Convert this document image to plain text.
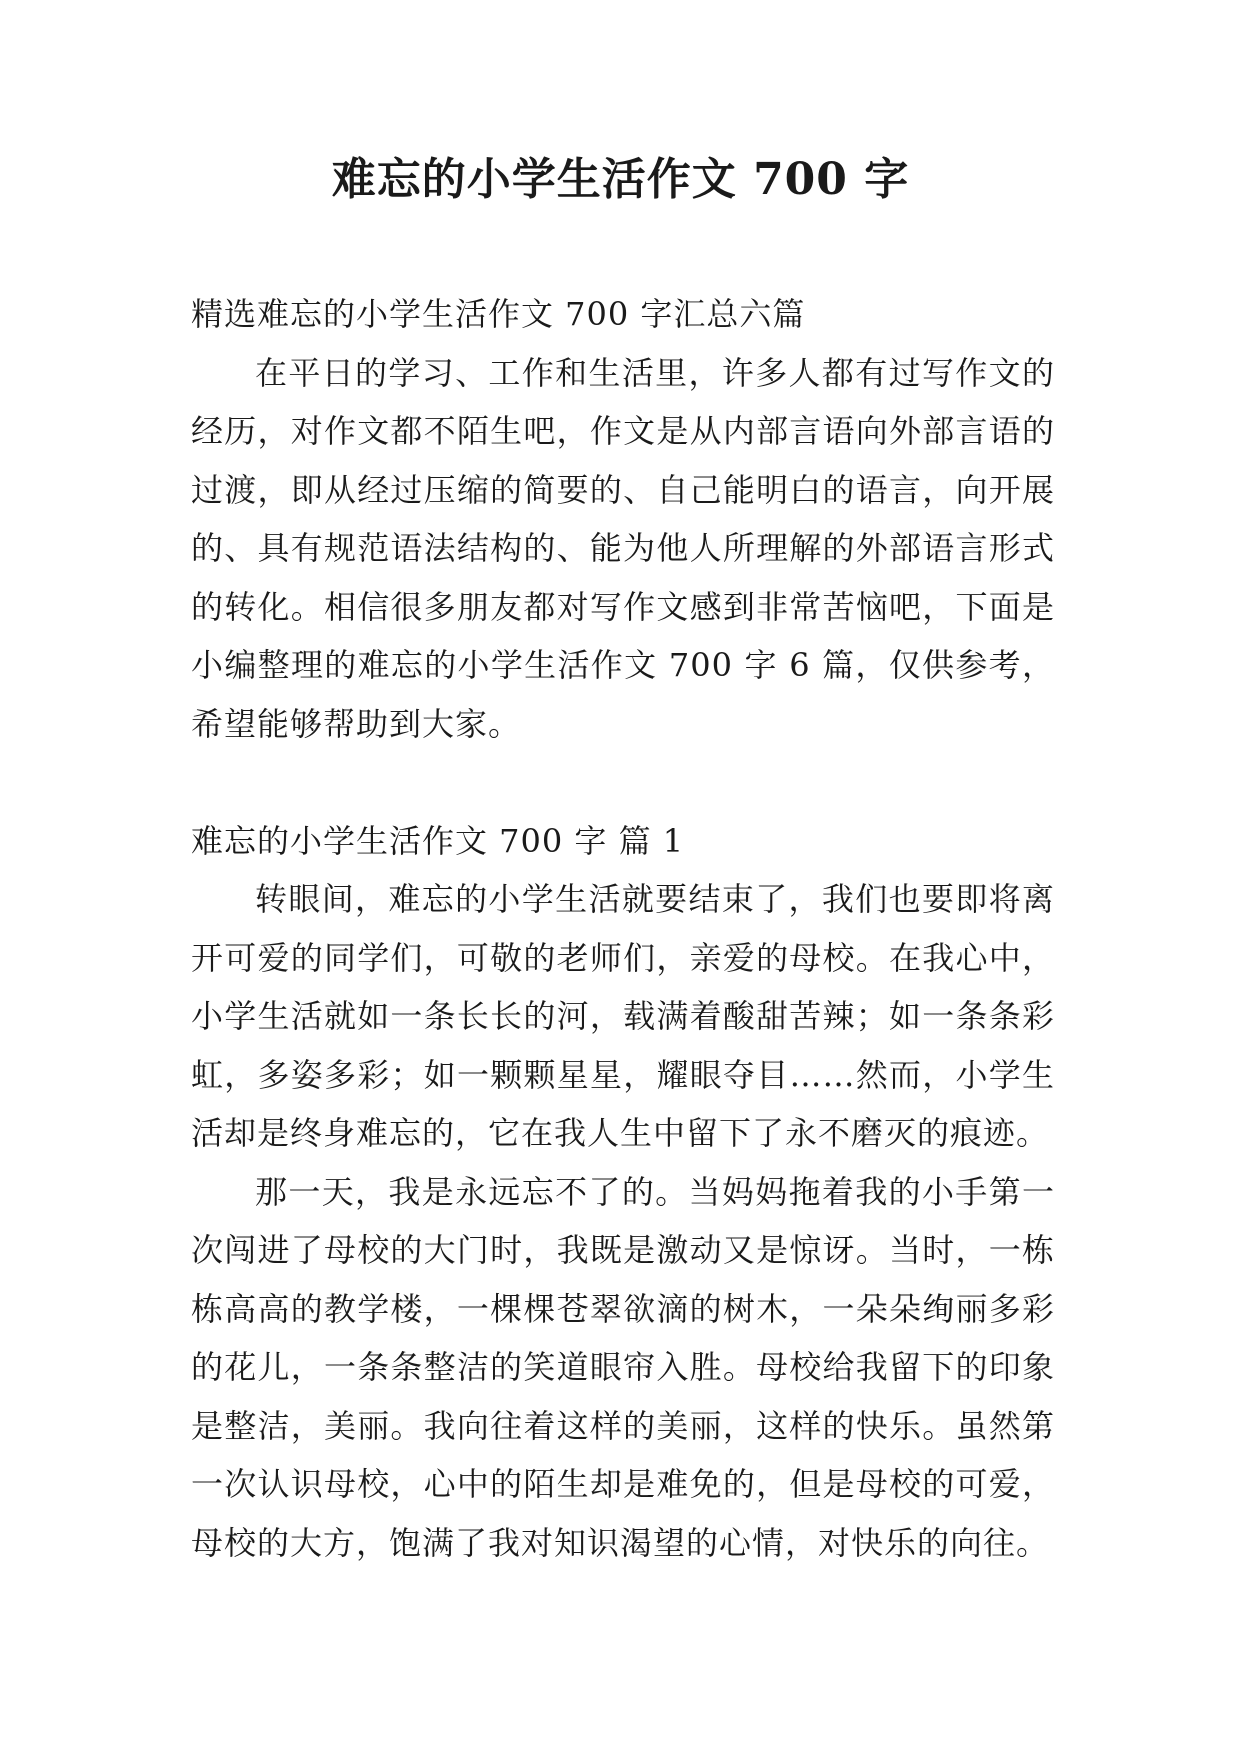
难忘的小学生活作文 700 字

精选难忘的小学生活作文 700 字汇总六篇

在平日的学习、工作和生活里，许多人都有过写作文的经历，对作文都不陌生吧，作文是从内部言语向外部言语的过渡，即从经过压缩的简要的、自己能明白的语言，向开展的、具有规范语法结构的、能为他人所理解的外部语言形式的转化。相信很多朋友都对写作文感到非常苦恼吧，下面是小编整理的难忘的小学生活作文 700 字 6 篇，仅供参考，希望能够帮助到大家。

难忘的小学生活作文 700 字 篇 1

转眼间，难忘的小学生活就要结束了，我们也要即将离开可爱的同学们，可敬的老师们，亲爱的母校。在我心中，小学生活就如一条长长的河，载满着酸甜苦辣；如一条条彩虹，多姿多彩；如一颗颗星星，耀眼夺目……然而，小学生活却是终身难忘的，它在我人生中留下了永不磨灭的痕迹。

那一天，我是永远忘不了的。当妈妈拖着我的小手第一次闯进了母校的大门时，我既是激动又是惊讶。当时，一栋栋高高的教学楼，一棵棵苍翠欲滴的树木，一朵朵绚丽多彩的花儿，一条条整洁的笑道眼帘入胜。母校给我留下的印象是整洁，美丽。我向往着这样的美丽，这样的快乐。虽然第一次认识母校，心中的陌生却是难免的，但是母校的可爱，母校的大方，饱满了我对知识渴望的心情，对快乐的向往。
